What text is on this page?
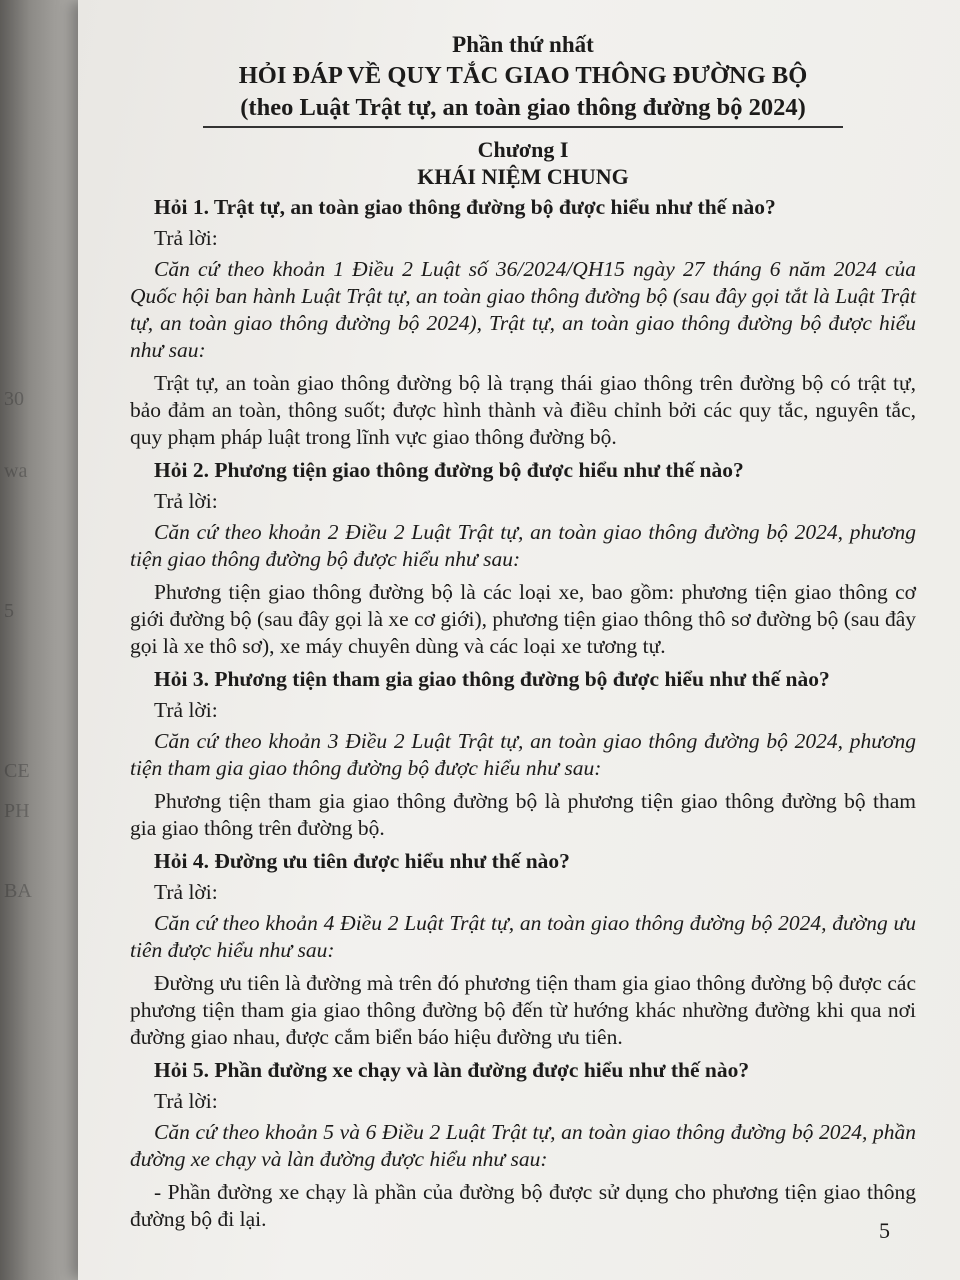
30
wa
5
CE
PH
BA

Phần thứ nhất

HỎI ĐÁP VỀ QUY TẮC GIAO THÔNG ĐƯỜNG BỘ

(theo Luật Trật tự, an toàn giao thông đường bộ 2024)

Chương I

KHÁI NIỆM CHUNG

Hỏi 1. Trật tự, an toàn giao thông đường bộ được hiểu như thế nào?

Trả lời:

Căn cứ theo khoản 1 Điều 2 Luật số 36/2024/QH15 ngày 27 tháng 6 năm 2024 của Quốc hội ban hành Luật Trật tự, an toàn giao thông đường bộ (sau đây gọi tắt là Luật Trật tự, an toàn giao thông đường bộ 2024), Trật tự, an toàn giao thông đường bộ được hiểu như sau:

Trật tự, an toàn giao thông đường bộ là trạng thái giao thông trên đường bộ có trật tự, bảo đảm an toàn, thông suốt; được hình thành và điều chỉnh bởi các quy tắc, nguyên tắc, quy phạm pháp luật trong lĩnh vực giao thông đường bộ.

Hỏi 2. Phương tiện giao thông đường bộ được hiểu như thế nào?

Trả lời:

Căn cứ theo khoản 2 Điều 2 Luật Trật tự, an toàn giao thông đường bộ 2024, phương tiện giao thông đường bộ được hiểu như sau:

Phương tiện giao thông đường bộ là các loại xe, bao gồm: phương tiện giao thông cơ giới đường bộ (sau đây gọi là xe cơ giới), phương tiện giao thông thô sơ đường bộ (sau đây gọi là xe thô sơ), xe máy chuyên dùng và các loại xe tương tự.

Hỏi 3. Phương tiện tham gia giao thông đường bộ được hiểu như thế nào?

Trả lời:

Căn cứ theo khoản 3 Điều 2 Luật Trật tự, an toàn giao thông đường bộ 2024, phương tiện tham gia giao thông đường bộ được hiểu như sau:

Phương tiện tham gia giao thông đường bộ là phương tiện giao thông đường bộ tham gia giao thông trên đường bộ.

Hỏi 4. Đường ưu tiên được hiểu như thế nào?

Trả lời:

Căn cứ theo khoản 4 Điều 2 Luật Trật tự, an toàn giao thông đường bộ 2024, đường ưu tiên được hiểu như sau:

Đường ưu tiên là đường mà trên đó phương tiện tham gia giao thông đường bộ được các phương tiện tham gia giao thông đường bộ đến từ hướng khác nhường đường khi qua nơi đường giao nhau, được cắm biển báo hiệu đường ưu tiên.

Hỏi 5. Phần đường xe chạy và làn đường được hiểu như thế nào?

Trả lời:

Căn cứ theo khoản 5 và 6 Điều 2 Luật Trật tự, an toàn giao thông đường bộ 2024, phần đường xe chạy và làn đường được hiểu như sau:

- Phần đường xe chạy là phần của đường bộ được sử dụng cho phương tiện giao thông đường bộ đi lại.	5
